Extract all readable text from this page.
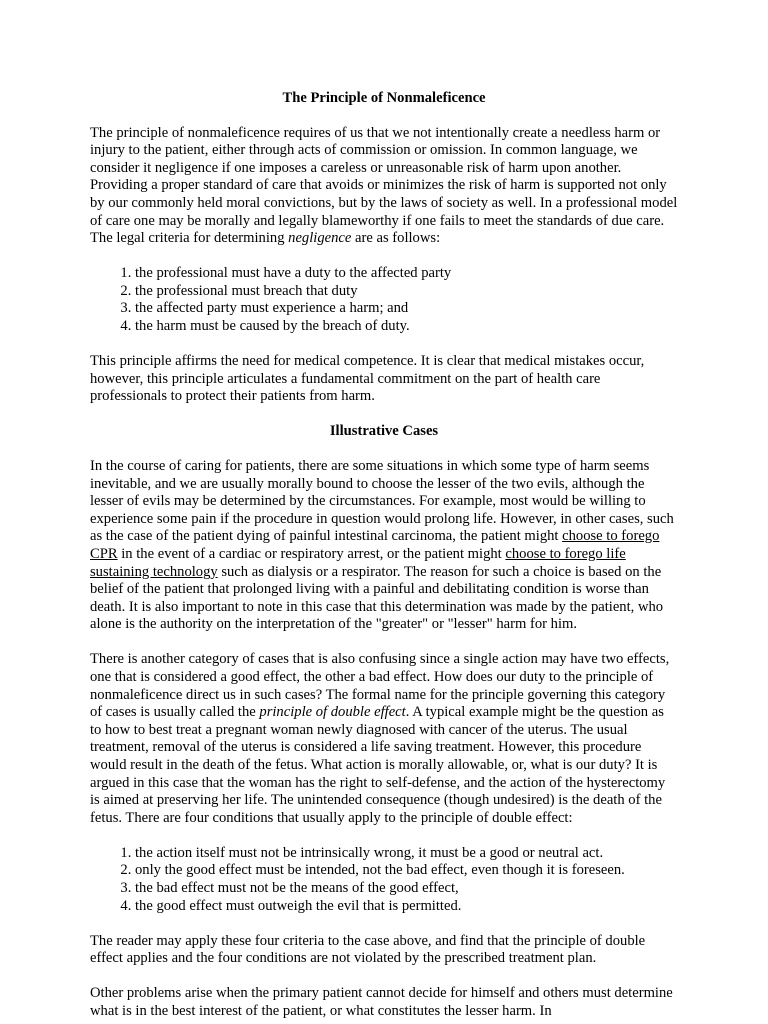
The Principle of Nonmaleficence

The principle of nonmaleficence requires of us that we not intentionally create a needless harm or injury to the patient, either through acts of commission or omission. In common language, we consider it negligence if one imposes a careless or unreasonable risk of harm upon another. Providing a proper standard of care that avoids or minimizes the risk of harm is supported not only by our commonly held moral convictions, but by the laws of society as well. In a professional model of care one may be morally and legally blameworthy if one fails to meet the standards of due care. The legal criteria for determining negligence are as follows:

1. the professional must have a duty to the affected party
2. the professional must breach that duty
3. the affected party must experience a harm; and
4. the harm must be caused by the breach of duty.

This principle affirms the need for medical competence. It is clear that medical mistakes occur, however, this principle articulates a fundamental commitment on the part of health care professionals to protect their patients from harm.

Illustrative Cases

In the course of caring for patients, there are some situations in which some type of harm seems inevitable, and we are usually morally bound to choose the lesser of the two evils, although the lesser of evils may be determined by the circumstances. For example, most would be willing to experience some pain if the procedure in question would prolong life. However, in other cases, such as the case of the patient dying of painful intestinal carcinoma, the patient might choose to forego CPR in the event of a cardiac or respiratory arrest, or the patient might choose to forego life sustaining technology such as dialysis or a respirator. The reason for such a choice is based on the belief of the patient that prolonged living with a painful and debilitating condition is worse than death. It is also important to note in this case that this determination was made by the patient, who alone is the authority on the interpretation of the "greater" or "lesser" harm for him.

There is another category of cases that is also confusing since a single action may have two effects, one that is considered a good effect, the other a bad effect. How does our duty to the principle of nonmaleficence direct us in such cases? The formal name for the principle governing this category of cases is usually called the principle of double effect. A typical example might be the question as to how to best treat a pregnant woman newly diagnosed with cancer of the uterus. The usual treatment, removal of the uterus is considered a life saving treatment. However, this procedure would result in the death of the fetus. What action is morally allowable, or, what is our duty? It is argued in this case that the woman has the right to self-defense, and the action of the hysterectomy is aimed at preserving her life. The unintended consequence (though undesired) is the death of the fetus. There are four conditions that usually apply to the principle of double effect:

1. the action itself must not be intrinsically wrong, it must be a good or neutral act.
2. only the good effect must be intended, not the bad effect, even though it is foreseen.
3. the bad effect must not be the means of the good effect,
4. the good effect must outweigh the evil that is permitted.

The reader may apply these four criteria to the case above, and find that the principle of double effect applies and the four conditions are not violated by the prescribed treatment plan.

Other problems arise when the primary patient cannot decide for himself and others must determine what is in the best interest of the patient, or what constitutes the lesser harm. In
